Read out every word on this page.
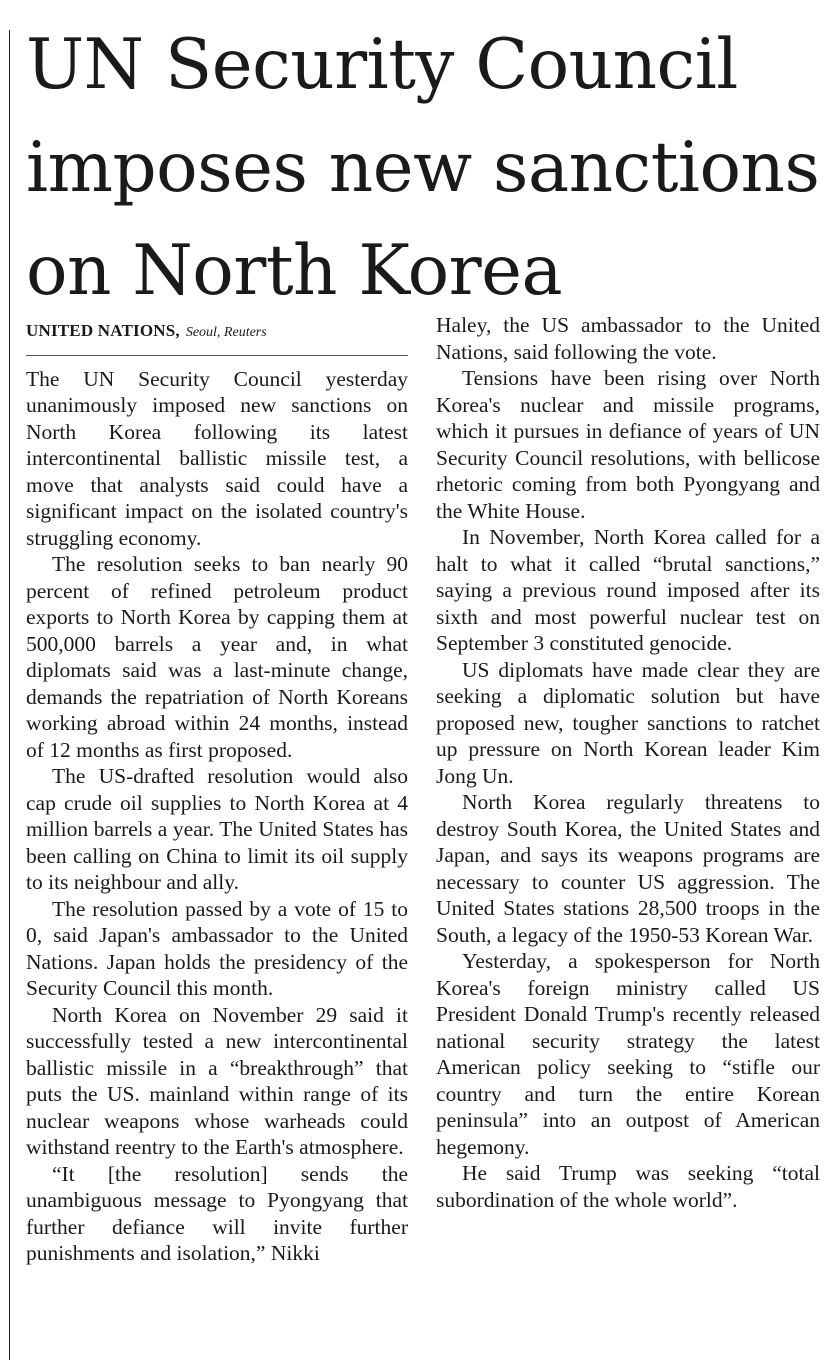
UN Security Council imposes new sanctions on North Korea
UNITED NATIONS, Seoul, Reuters

The UN Security Council yesterday unanimously imposed new sanctions on North Korea following its latest intercontinental ballistic missile test, a move that analysts said could have a significant impact on the isolated country's struggling economy.

The resolution seeks to ban nearly 90 percent of refined petroleum product exports to North Korea by capping them at 500,000 barrels a year and, in what diplomats said was a last-minute change, demands the repatriation of North Koreans working abroad within 24 months, instead of 12 months as first proposed.

The US-drafted resolution would also cap crude oil supplies to North Korea at 4 million barrels a year. The United States has been calling on China to limit its oil supply to its neighbour and ally.

The resolution passed by a vote of 15 to 0, said Japan's ambassador to the United Nations. Japan holds the presidency of the Security Council this month.

North Korea on November 29 said it successfully tested a new intercontinental ballistic missile in a “breakthrough” that puts the US. mainland within range of its nuclear weapons whose warheads could withstand reentry to the Earth's atmosphere.

“It [the resolution] sends the unambiguous message to Pyongyang that further defiance will invite further punishments and isolation,” Nikki

Haley, the US ambassador to the United Nations, said following the vote.

Tensions have been rising over North Korea's nuclear and missile programs, which it pursues in defiance of years of UN Security Council resolutions, with bellicose rhetoric coming from both Pyongyang and the White House.

In November, North Korea called for a halt to what it called “brutal sanctions,” saying a previous round imposed after its sixth and most powerful nuclear test on September 3 constituted genocide.

US diplomats have made clear they are seeking a diplomatic solution but have proposed new, tougher sanctions to ratchet up pressure on North Korean leader Kim Jong Un.

North Korea regularly threatens to destroy South Korea, the United States and Japan, and says its weapons programs are necessary to counter US aggression. The United States stations 28,500 troops in the South, a legacy of the 1950-53 Korean War.

Yesterday, a spokesperson for North Korea's foreign ministry called US President Donald Trump's recently released national security strategy the latest American policy seeking to “stifle our country and turn the entire Korean peninsula” into an outpost of American hegemony.

He said Trump was seeking “total subordination of the whole world”.
